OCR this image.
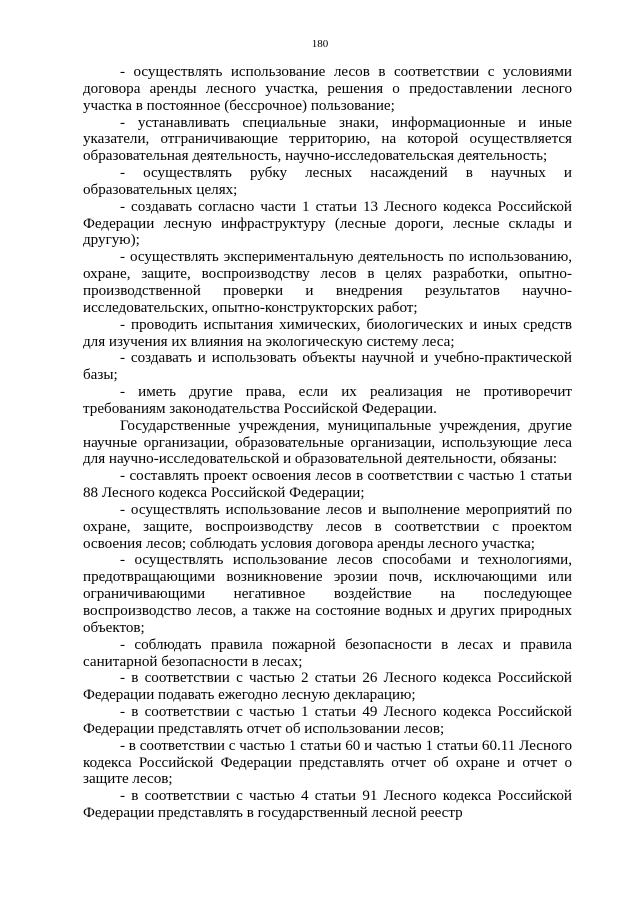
180

- осуществлять использование лесов в соответствии с условиями договора аренды лесного участка, решения о предоставлении лесного участка в постоянное (бессрочное) пользование;

- устанавливать специальные знаки, информационные и иные указатели, отграничивающие территорию, на которой осуществляется образовательная деятельность, научно-исследовательская деятельность;

- осуществлять рубку лесных насаждений в научных и образовательных целях;

- создавать согласно части 1 статьи 13 Лесного кодекса Российской Федерации лесную инфраструктуру (лесные дороги, лесные склады и другую);

- осуществлять экспериментальную деятельность по использованию, охране, защите, воспроизводству лесов в целях разработки, опытно-производственной проверки и внедрения результатов научно-исследовательских, опытно-конструкторских работ;

- проводить испытания химических, биологических и иных средств для изучения их влияния на экологическую систему леса;

- создавать и использовать объекты научной и учебно-практической базы;

- иметь другие права, если их реализация не противоречит требованиям законодательства Российской Федерации.

Государственные учреждения, муниципальные учреждения, другие научные организации, образовательные организации, использующие леса для научно-исследовательской и образовательной деятельности, обязаны:

- составлять проект освоения лесов в соответствии с частью 1 статьи 88 Лесного кодекса Российской Федерации;

- осуществлять использование лесов и выполнение мероприятий по охране, защите, воспроизводству лесов в соответствии с проектом освоения лесов; соблюдать условия договора аренды лесного участка;

- осуществлять использование лесов способами и технологиями, предотвращающими возникновение эрозии почв, исключающими или ограничивающими негативное воздействие на последующее воспроизводство лесов, а также на состояние водных и других природных объектов;

- соблюдать правила пожарной безопасности в лесах и правила санитарной безопасности в лесах;

- в соответствии с частью 2 статьи 26 Лесного кодекса Российской Федерации подавать ежегодно лесную декларацию;

- в соответствии с частью 1 статьи 49 Лесного кодекса Российской Федерации представлять отчет об использовании лесов;

- в соответствии с частью 1 статьи 60 и частью 1 статьи 60.11 Лесного кодекса Российской Федерации представлять отчет об охране и отчет о защите лесов;

- в соответствии с частью 4 статьи 91 Лесного кодекса Российской Федерации представлять в государственный лесной реестр
